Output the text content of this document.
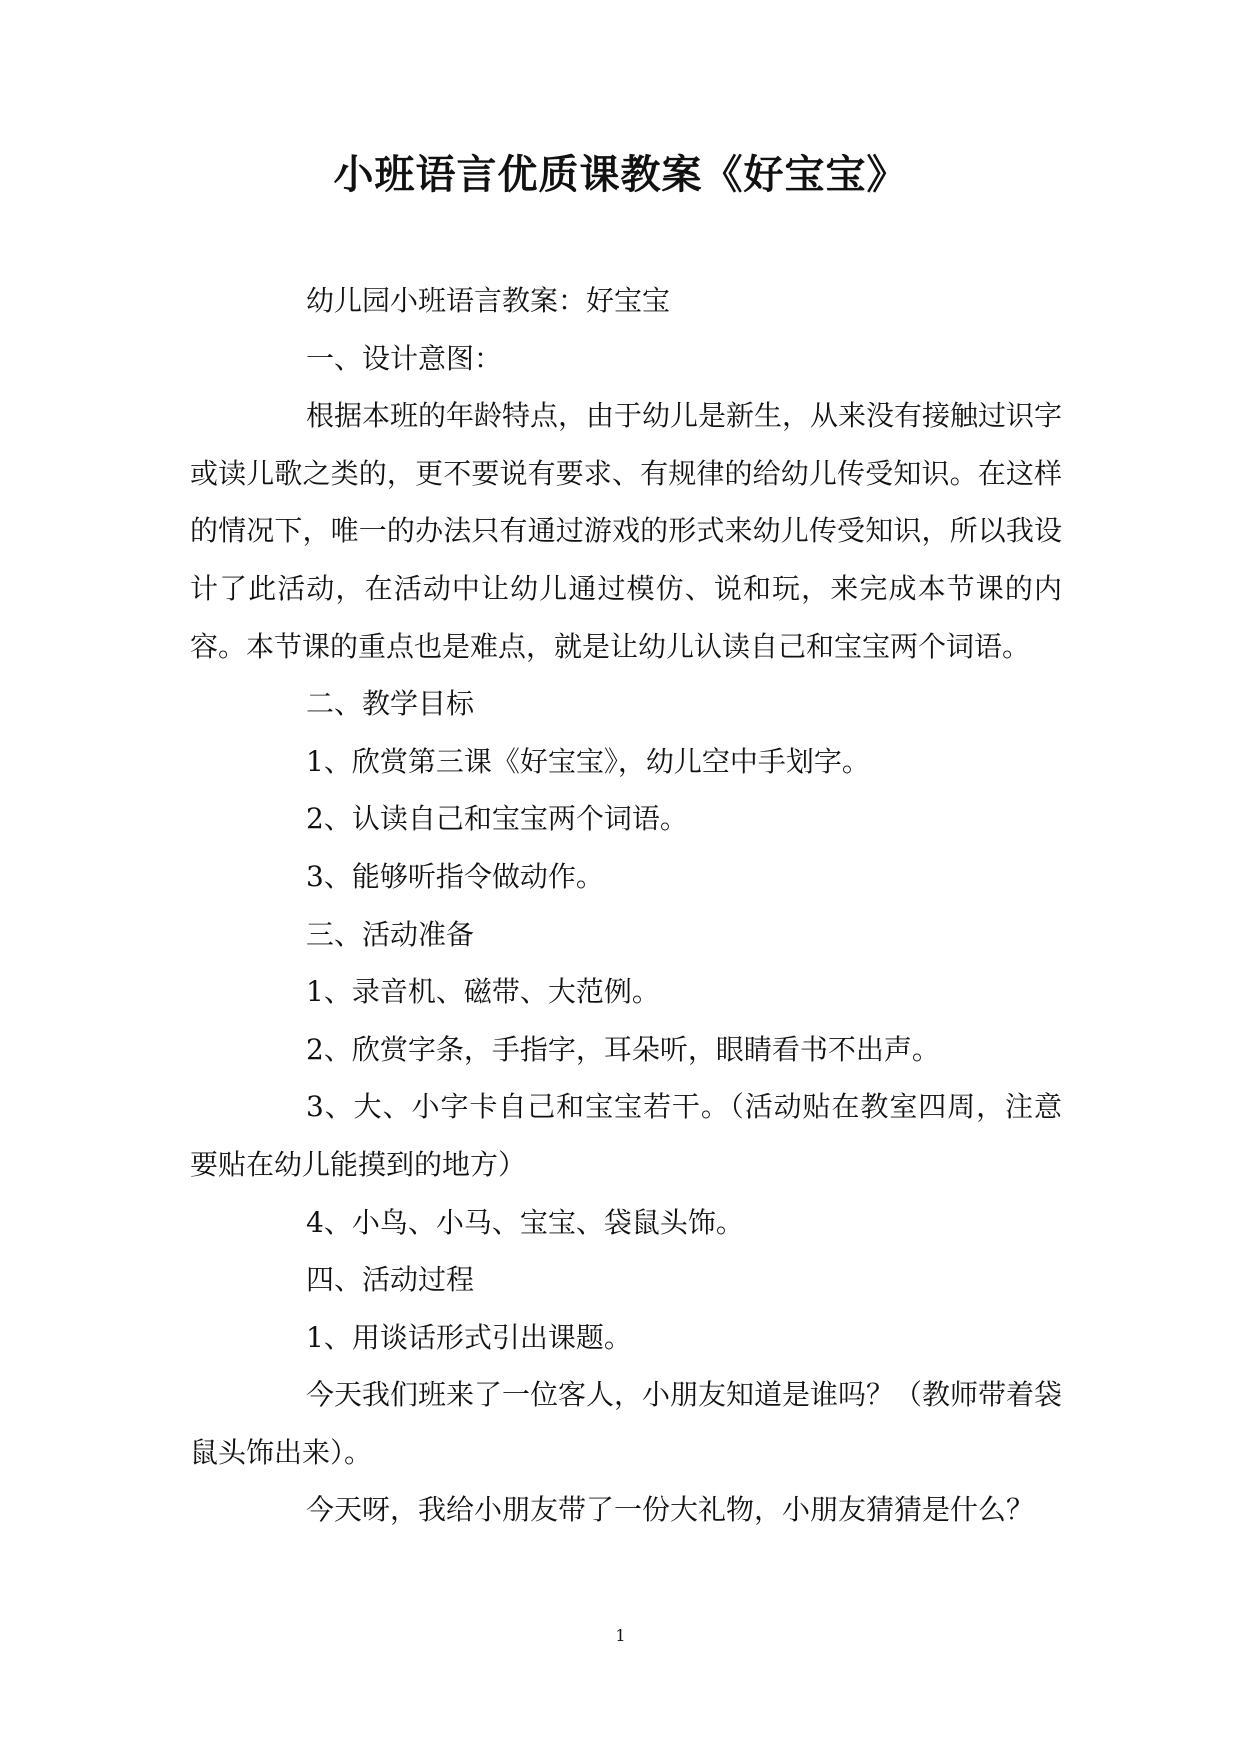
小班语言优质课教案《好宝宝》

幼儿园小班语言教案：好宝宝

一、设计意图：

根据本班的年龄特点，由于幼儿是新生，从来没有接触过识字或读儿歌之类的，更不要说有要求、有规律的给幼儿传受知识。在这样的情况下，唯一的办法只有通过游戏的形式来幼儿传受知识，所以我设计了此活动，在活动中让幼儿通过模仿、说和玩，来完成本节课的内容。本节课的重点也是难点，就是让幼儿认读自己和宝宝两个词语。

二、教学目标

1、欣赏第三课《好宝宝》，幼儿空中手划字。

2、认读自己和宝宝两个词语。

3、能够听指令做动作。

三、活动准备

1、录音机、磁带、大范例。

2、欣赏字条，手指字，耳朵听，眼睛看书不出声。

3、大、小字卡自己和宝宝若干。（活动贴在教室四周，注意要贴在幼儿能摸到的地方）

4、小鸟、小马、宝宝、袋鼠头饰。

四、活动过程

1、用谈话形式引出课题。

今天我们班来了一位客人，小朋友知道是谁吗？（教师带着袋鼠头饰出来）。

今天呀，我给小朋友带了一份大礼物，小朋友猜猜是什么？

1
